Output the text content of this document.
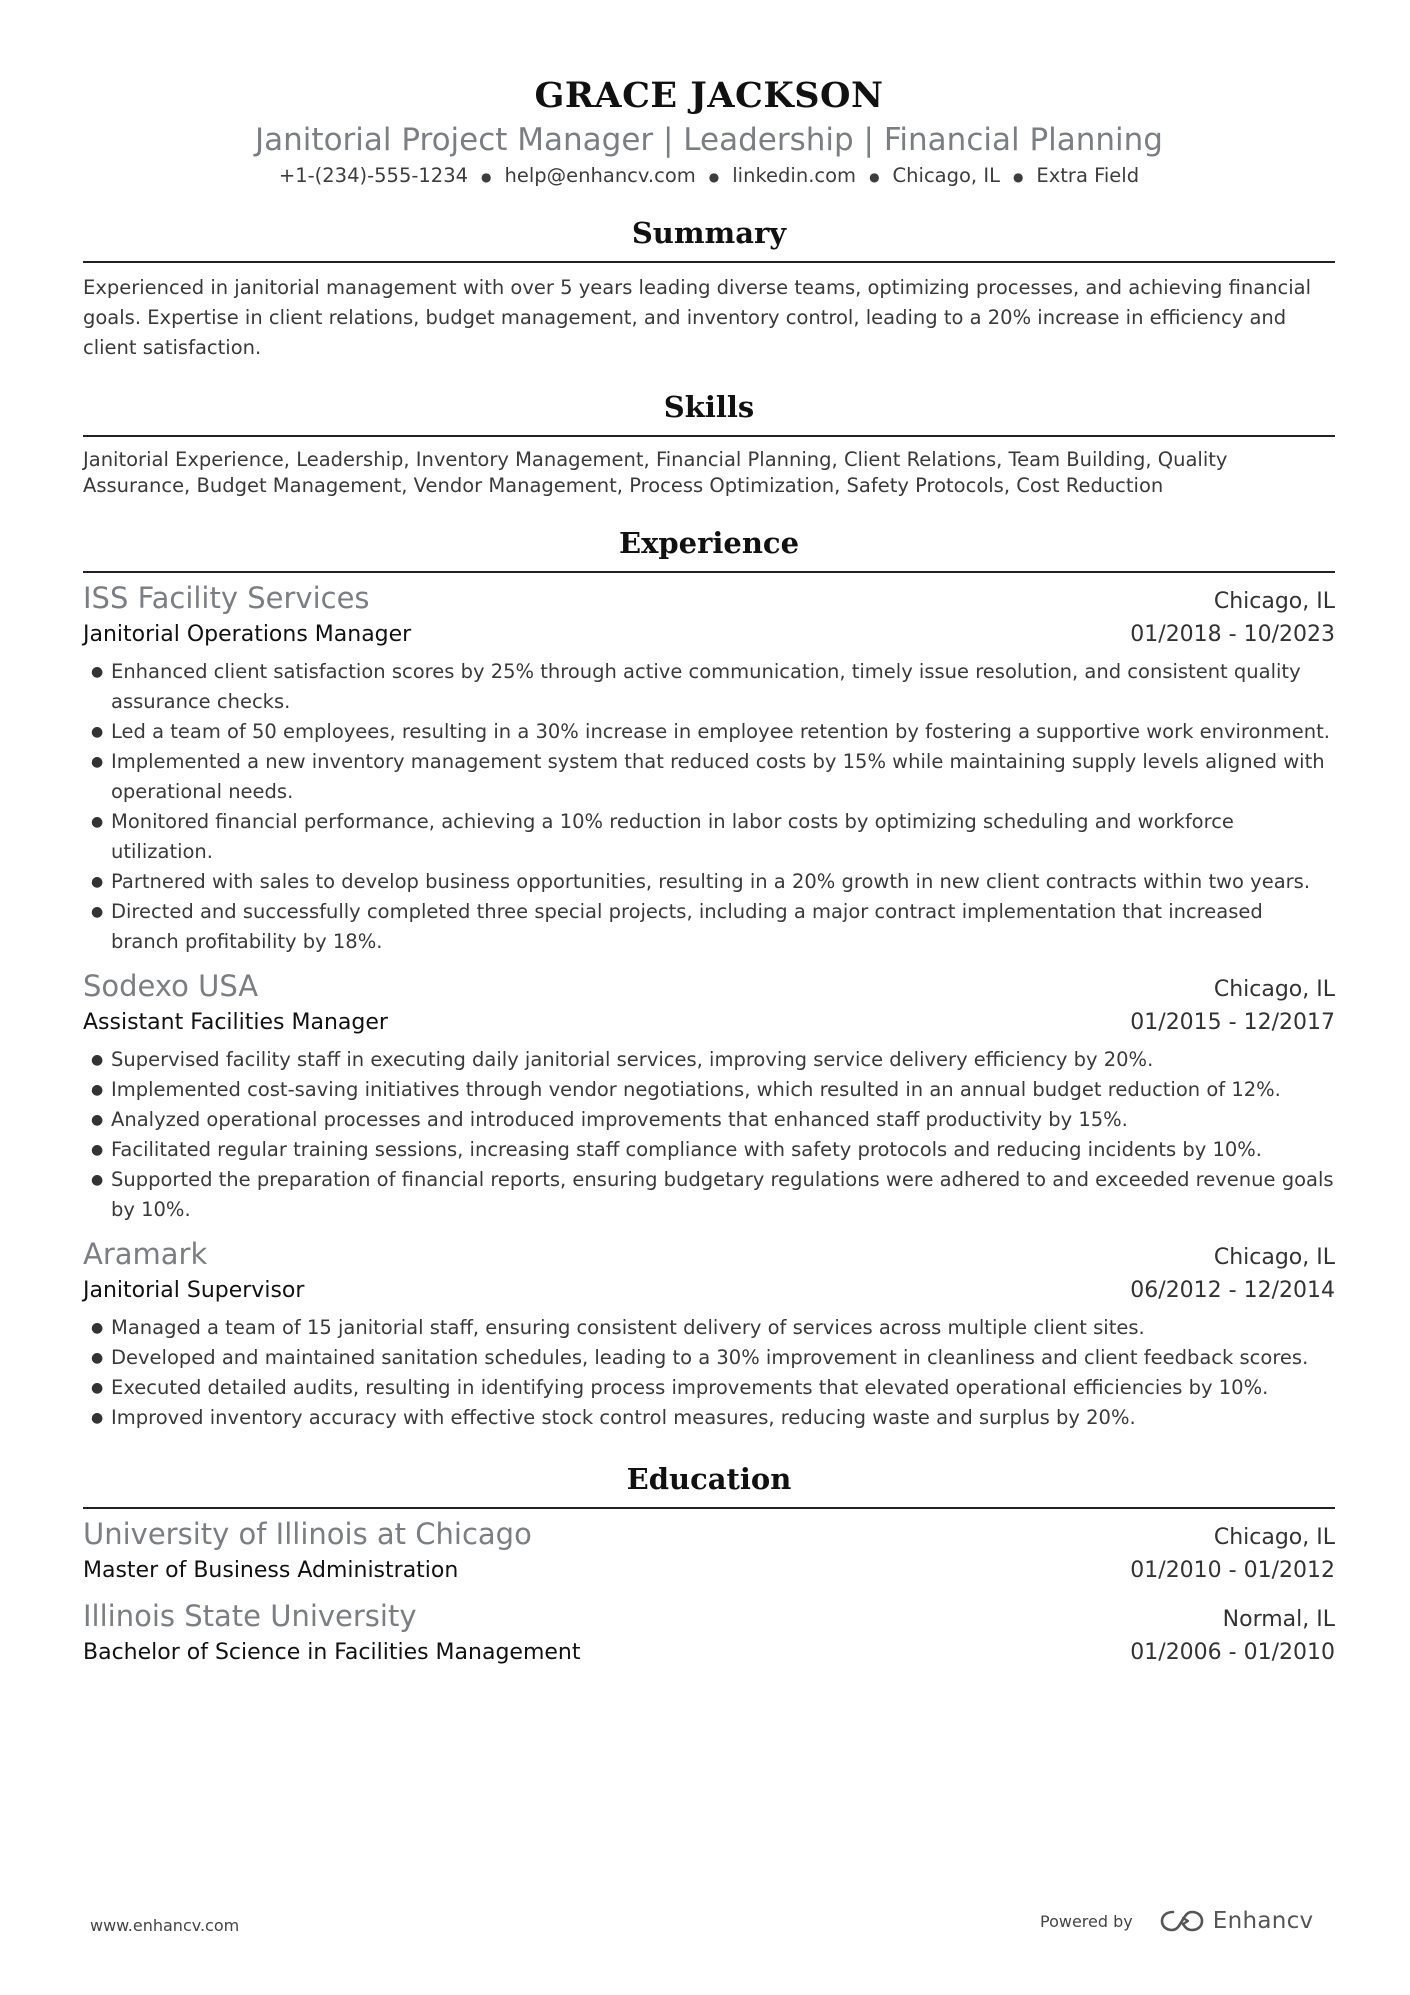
GRACE JACKSON
Janitorial Project Manager | Leadership | Financial Planning
+1-(234)-555-1234 ● help@enhancv.com ● linkedin.com ● Chicago, IL ● Extra Field
Summary
Experienced in janitorial management with over 5 years leading diverse teams, optimizing processes, and achieving financial goals. Expertise in client relations, budget management, and inventory control, leading to a 20% increase in efficiency and client satisfaction.
Skills
Janitorial Experience, Leadership, Inventory Management, Financial Planning, Client Relations, Team Building, Quality Assurance, Budget Management, Vendor Management, Process Optimization, Safety Protocols, Cost Reduction
Experience
ISS Facility Services	Chicago, IL
Janitorial Operations Manager	01/2018 - 10/2023
● Enhanced client satisfaction scores by 25% through active communication, timely issue resolution, and consistent quality assurance checks.
● Led a team of 50 employees, resulting in a 30% increase in employee retention by fostering a supportive work environment.
● Implemented a new inventory management system that reduced costs by 15% while maintaining supply levels aligned with operational needs.
● Monitored financial performance, achieving a 10% reduction in labor costs by optimizing scheduling and workforce utilization.
● Partnered with sales to develop business opportunities, resulting in a 20% growth in new client contracts within two years.
● Directed and successfully completed three special projects, including a major contract implementation that increased branch profitability by 18%.
Sodexo USA	Chicago, IL
Assistant Facilities Manager	01/2015 - 12/2017
● Supervised facility staff in executing daily janitorial services, improving service delivery efficiency by 20%.
● Implemented cost-saving initiatives through vendor negotiations, which resulted in an annual budget reduction of 12%.
● Analyzed operational processes and introduced improvements that enhanced staff productivity by 15%.
● Facilitated regular training sessions, increasing staff compliance with safety protocols and reducing incidents by 10%.
● Supported the preparation of financial reports, ensuring budgetary regulations were adhered to and exceeded revenue goals by 10%.
Aramark	Chicago, IL
Janitorial Supervisor	06/2012 - 12/2014
● Managed a team of 15 janitorial staff, ensuring consistent delivery of services across multiple client sites.
● Developed and maintained sanitation schedules, leading to a 30% improvement in cleanliness and client feedback scores.
● Executed detailed audits, resulting in identifying process improvements that elevated operational efficiencies by 10%.
● Improved inventory accuracy with effective stock control measures, reducing waste and surplus by 20%.
Education
University of Illinois at Chicago	Chicago, IL
Master of Business Administration	01/2010 - 01/2012
Illinois State University	Normal, IL
Bachelor of Science in Facilities Management	01/2006 - 01/2010
www.enhancv.com	Powered by	Enhancv
